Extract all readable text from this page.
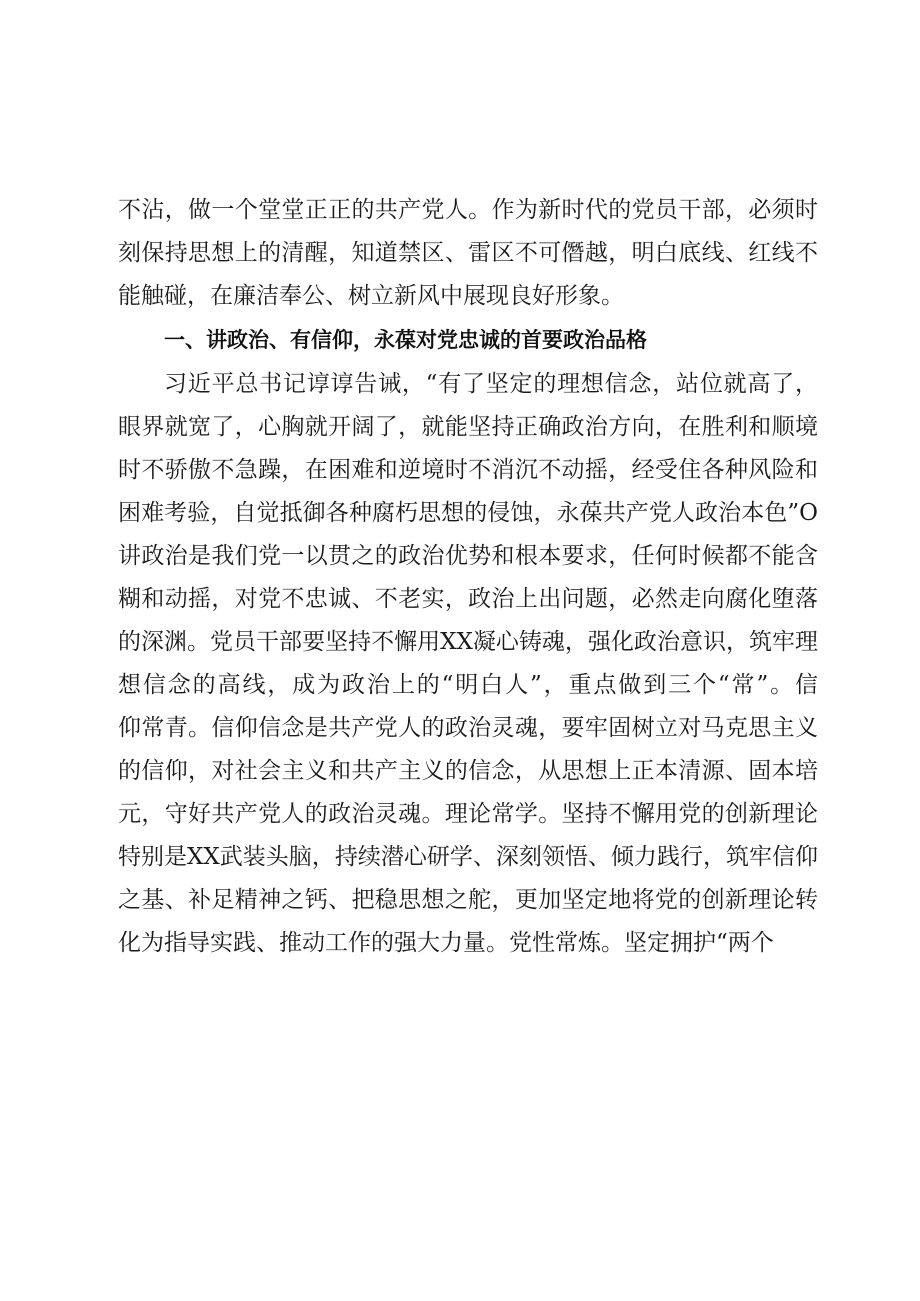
不沾，做一个堂堂正正的共产党人。作为新时代的党员干部，必须时
刻保持思想上的清醒，知道禁区、雷区不可僭越，明白底线、红线不
能触碰，在廉洁奉公、树立新风中展现良好形象。
一、讲政治、有信仰，永葆对党忠诚的首要政治品格
习近平总书记谆谆告诫，“有了坚定的理想信念，站位就高了，
眼界就宽了，心胸就开阔了，就能坚持正确政治方向，在胜利和顺境
时不骄傲不急躁，在困难和逆境时不消沉不动摇，经受住各种风险和
困难考验，自觉抵御各种腐朽思想的侵蚀，永葆共产党人政治本色”O
讲政治是我们党一以贯之的政治优势和根本要求，任何时候都不能含
糊和动摇，对党不忠诚、不老实，政治上出问题，必然走向腐化堕落
的深渊。党员干部要坚持不懈用XX凝心铸魂，强化政治意识，筑牢理
想信念的高线，成为政治上的“明白人”，重点做到三个“常”。信
仰常青。信仰信念是共产党人的政治灵魂，要牢固树立对马克思主义
的信仰，对社会主义和共产主义的信念，从思想上正本清源、固本培
元，守好共产党人的政治灵魂。理论常学。坚持不懈用党的创新理论
特别是XX武装头脑，持续潜心研学、深刻领悟、倾力践行，筑牢信仰
之基、补足精神之钙、把稳思想之舵，更加坚定地将党的创新理论转
化为指导实践、推动工作的强大力量。党性常炼。坚定拥护“两个
